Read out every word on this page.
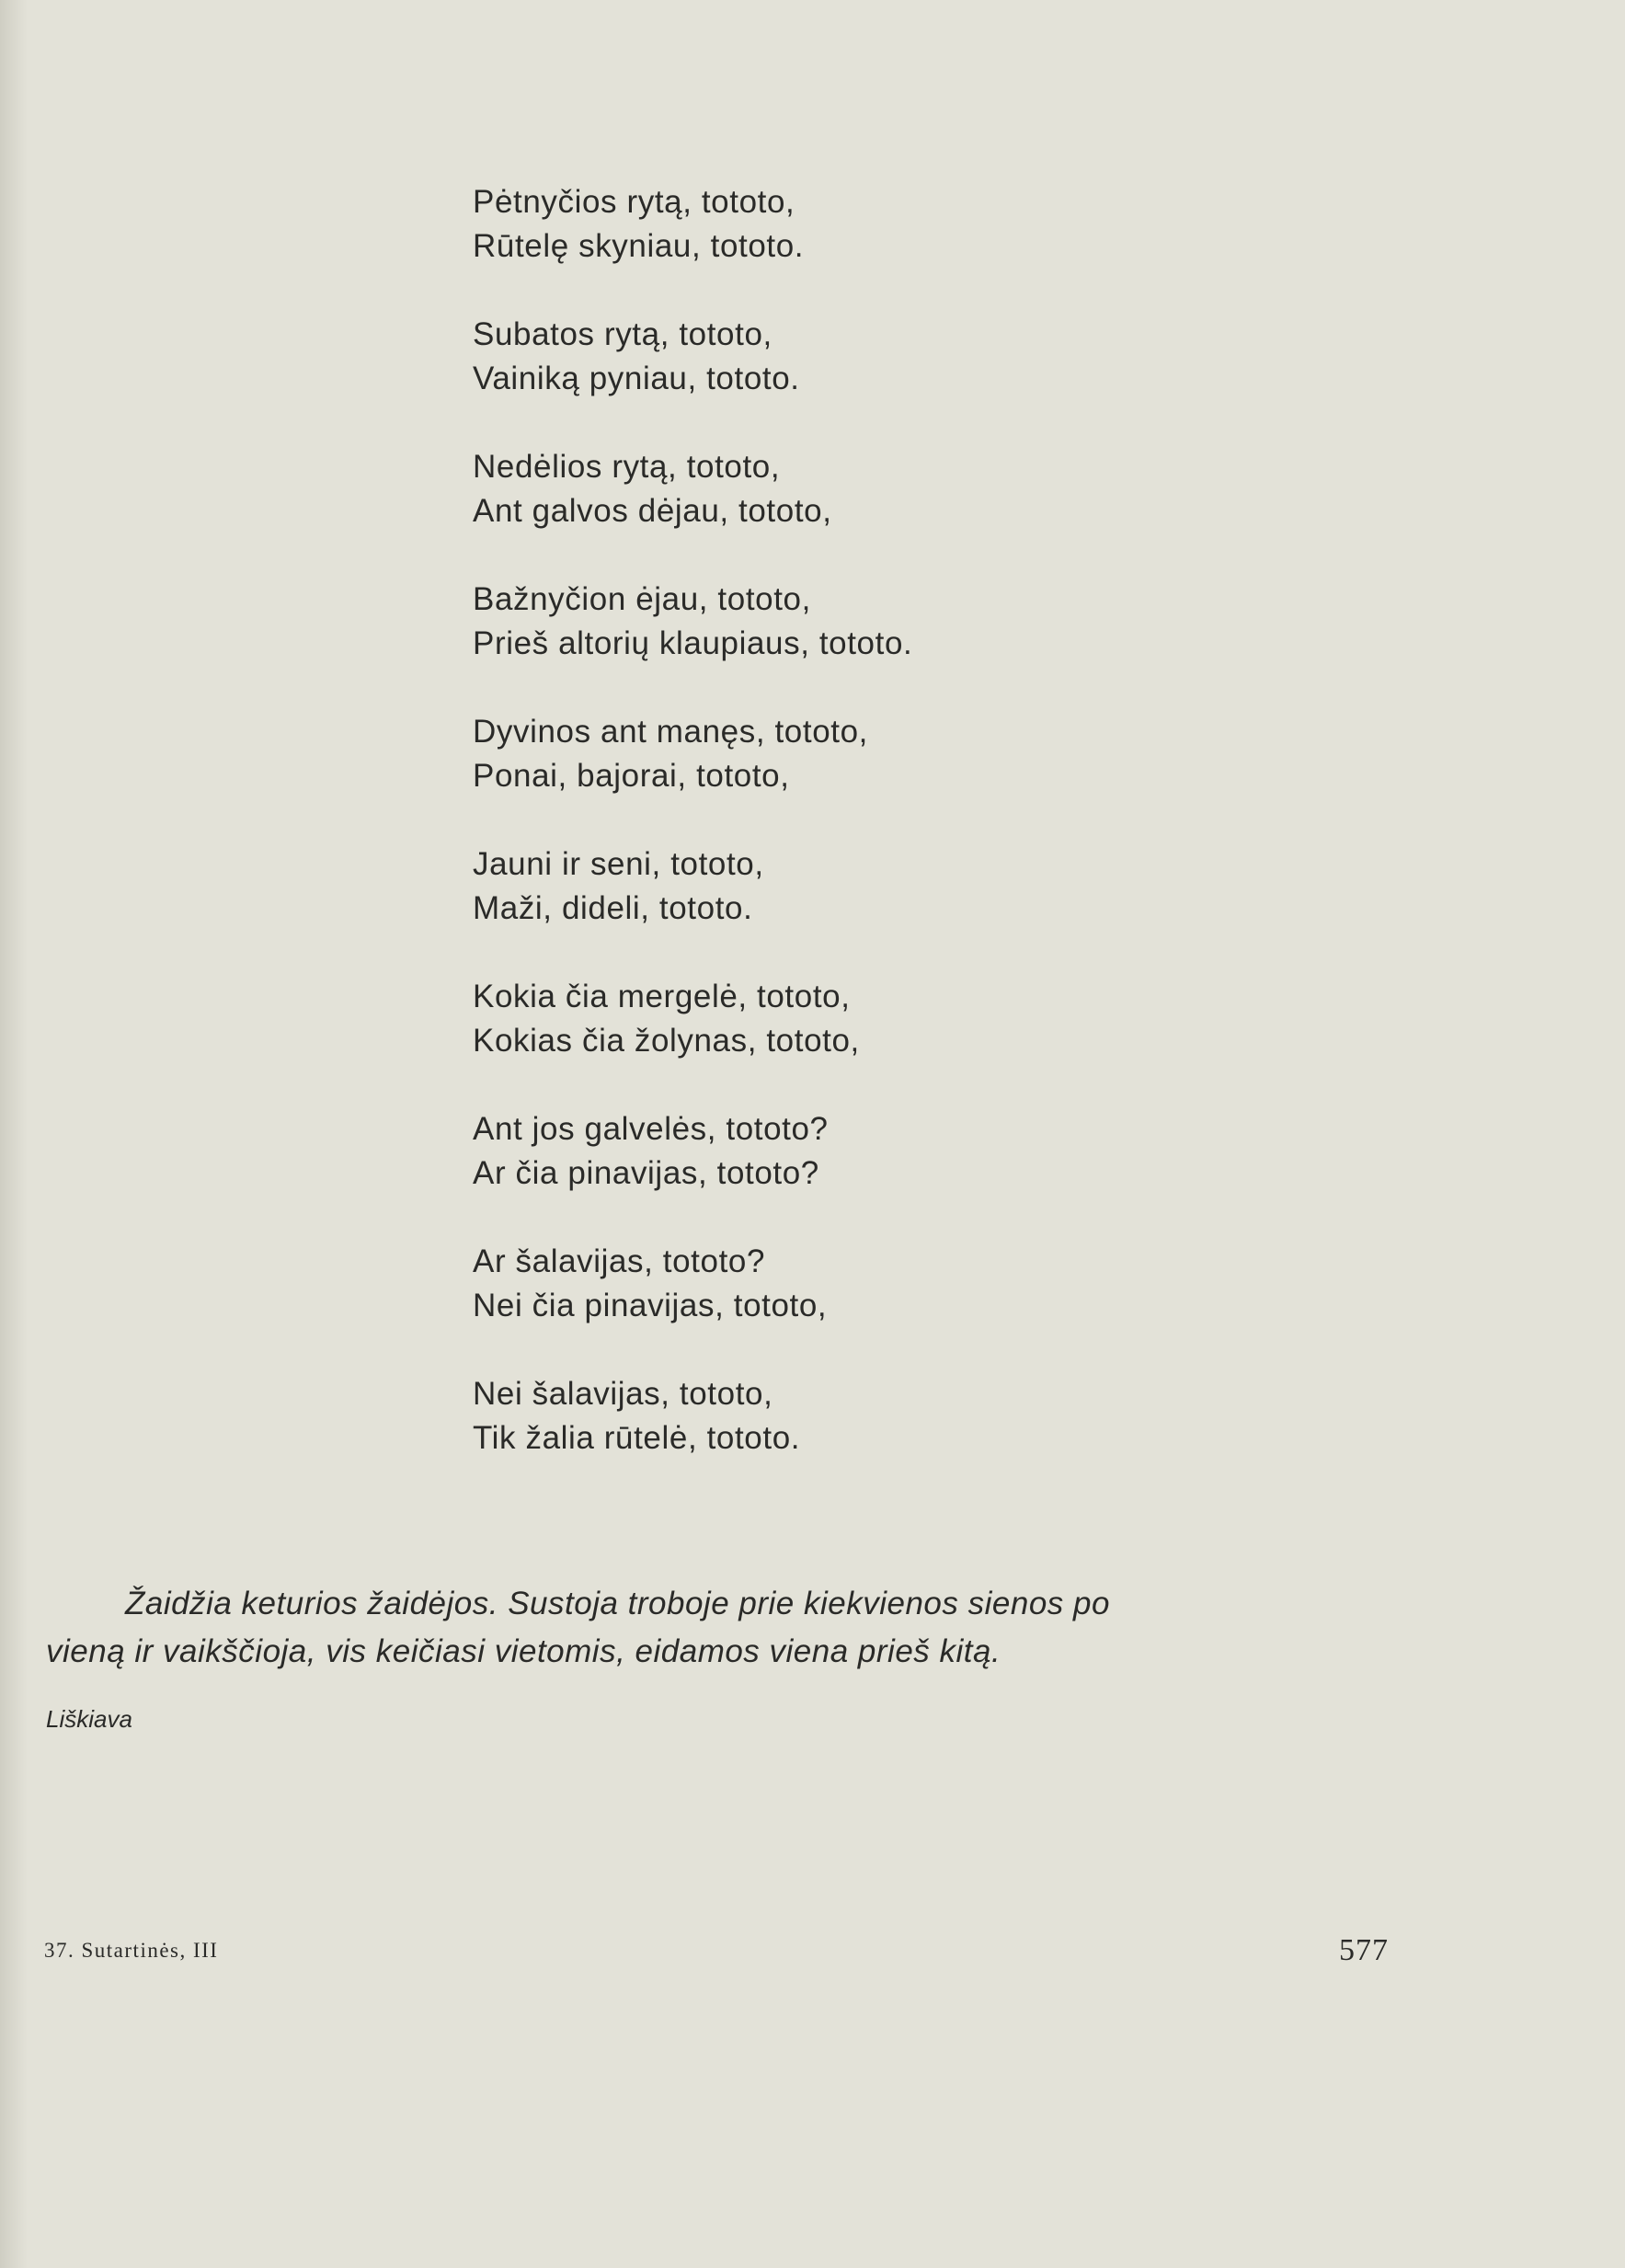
Pėtnyčios rytą, tototo,
Rūtelę skyniau, tototo.
Subatos rytą, tototo,
Vainiką pyniau, tototo.
Nedėlios rytą, tototo,
Ant galvos dėjau, tototo,
Bažnyčion ėjau, tototo,
Prieš altorių klaupiaus, tototo.
Dyvinos ant manęs, tototo,
Ponai, bajorai, tototo,
Jauni ir seni, tototo,
Maži, dideli, tototo.
Kokia čia mergelė, tototo,
Kokias čia žolynas, tototo,
Ant jos galvelės, tototo?
Ar čia pinavijas, tototo?
Ar šalavijas, tototo?
Nei čia pinavijas, tototo,
Nei šalavijas, tototo,
Tik žalia rūtelė, tototo.
Žaidžia keturios žaidėjos. Sustoja troboje prie kiekvienos sienos po
vieną ir vaikščioja, vis keičiasi vietomis, eidamos viena prieš kitą.
Liškiava
37. Sutartinės, III	577
